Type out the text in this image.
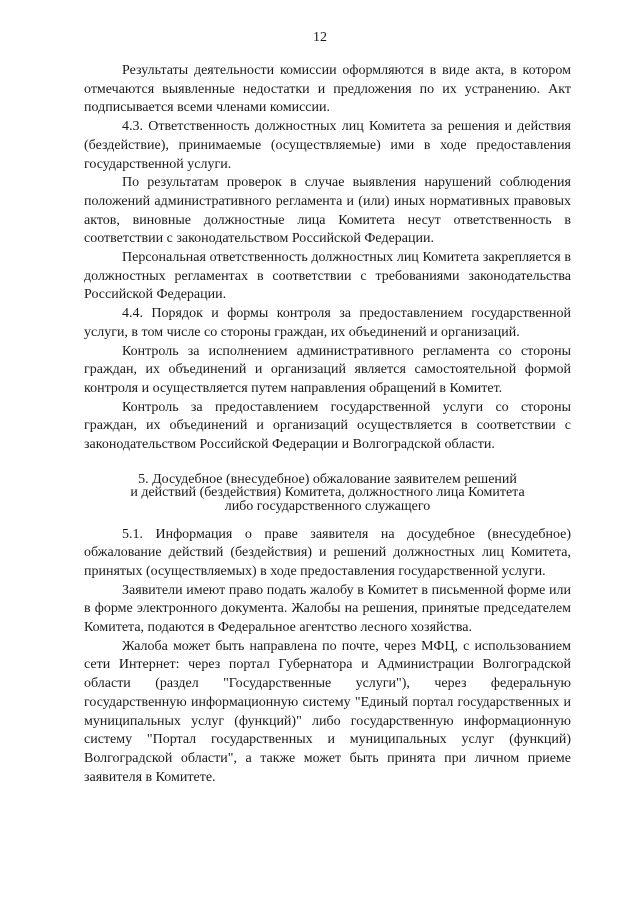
12

Результаты деятельности комиссии оформляются в виде акта, в котором отмечаются выявленные недостатки и предложения по их устранению. Акт подписывается всеми членами комиссии.

4.3. Ответственность должностных лиц Комитета за решения и действия (бездействие), принимаемые (осуществляемые) ими в ходе предоставления государственной услуги.

По результатам проверок в случае выявления нарушений соблюдения положений административного регламента и (или) иных нормативных правовых актов, виновные должностные лица Комитета несут ответственность в соответствии с законодательством Российской Федерации.

Персональная ответственность должностных лиц Комитета закрепляется в должностных регламентах в соответствии с требованиями законодательства Российской Федерации.

4.4. Порядок и формы контроля за предоставлением государственной услуги, в том числе со стороны граждан, их объединений и организаций.

Контроль за исполнением административного регламента со стороны граждан, их объединений и организаций является самостоятельной формой контроля и осуществляется путем направления обращений в Комитет.

Контроль за предоставлением государственной услуги со стороны граждан, их объединений и организаций осуществляется в соответствии с законодательством Российской Федерации и Волгоградской области.

5. Досудебное (внесудебное) обжалование заявителем решений
и действий (бездействия) Комитета, должностного лица Комитета
либо государственного служащего

5.1. Информация о праве заявителя на досудебное (внесудебное) обжалование действий (бездействия) и решений должностных лиц Комитета, принятых (осуществляемых) в ходе предоставления государственной услуги.

Заявители имеют право подать жалобу в Комитет в письменной форме или в форме электронного документа. Жалобы на решения, принятые председателем Комитета, подаются в Федеральное агентство лесного хозяйства.

Жалоба может быть направлена по почте, через МФЦ, с использованием сети Интернет: через портал Губернатора и Администрации Волгоградской области (раздел "Государственные услуги"), через федеральную государственную информационную систему "Единый портал государственных и муниципальных услуг (функций)" либо государственную информационную систему "Портал государственных и муниципальных услуг (функций) Волгоградской области", а также может быть принята при личном приеме заявителя в Комитете.
